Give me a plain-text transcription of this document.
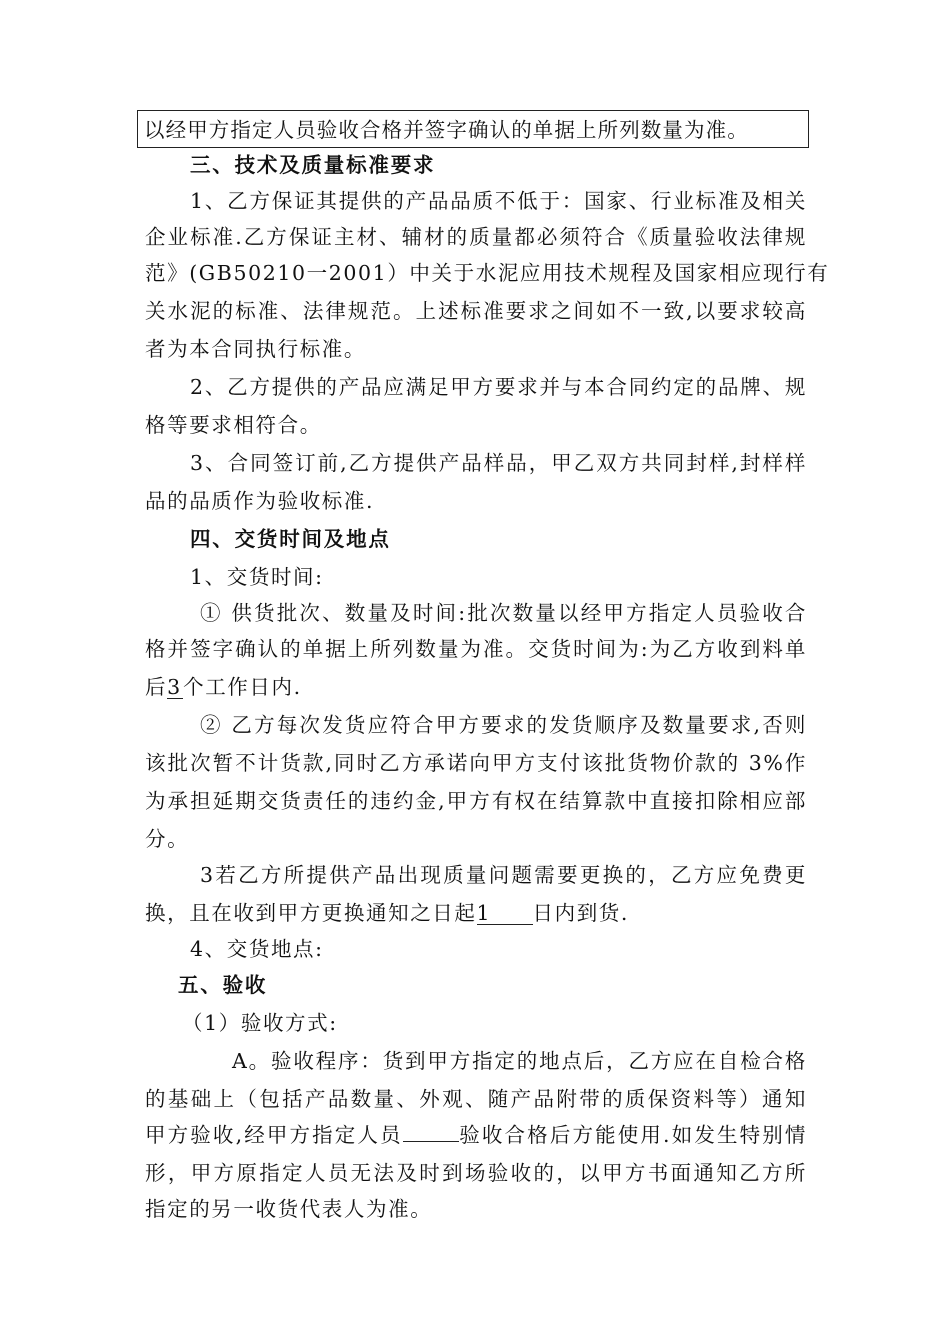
以经甲方指定人员验收合格并签字确认的单据上所列数量为准。
三、技术及质量标准要求
1、乙方保证其提供的产品品质不低于：国家、行业标准及相关
企业标准.乙方保证主材、辅材的质量都必须符合《质量验收法律规
范》(GB50210一2001）中关于水泥应用技术规程及国家相应现行有
关水泥的标准、法律规范。上述标准要求之间如不一致,以要求较高
者为本合同执行标准。
2、乙方提供的产品应满足甲方要求并与本合同约定的品牌、规
格等要求相符合。
3、合同签订前,乙方提供产品样品，甲乙双方共同封样,封样样
品的品质作为验收标准.
四、交货时间及地点
1、交货时间:
① 供货批次、数量及时间:批次数量以经甲方指定人员验收合
格并签字确认的单据上所列数量为准。交货时间为:为乙方收到料单
后3个工作日内.
② 乙方每次发货应符合甲方要求的发货顺序及数量要求,否则
该批次暂不计货款,同时乙方承诺向甲方支付该批货物价款的 3%作
为承担延期交货责任的违约金,甲方有权在结算款中直接扣除相应部
分。
3若乙方所提供产品出现质量问题需要更换的，乙方应免费更
换，且在收到甲方更换通知之日起1 日内到货.
4、交货地点:
五、验收
（1）验收方式:
A。验收程序：货到甲方指定的地点后，乙方应在自检合格
的基础上（包括产品数量、外观、随产品附带的质保资料等）通知
甲方验收,经甲方指定人员	验收合格后方能使用.如发生特别情
形，甲方原指定人员无法及时到场验收的，以甲方书面通知乙方所
指定的另一收货代表人为准。
